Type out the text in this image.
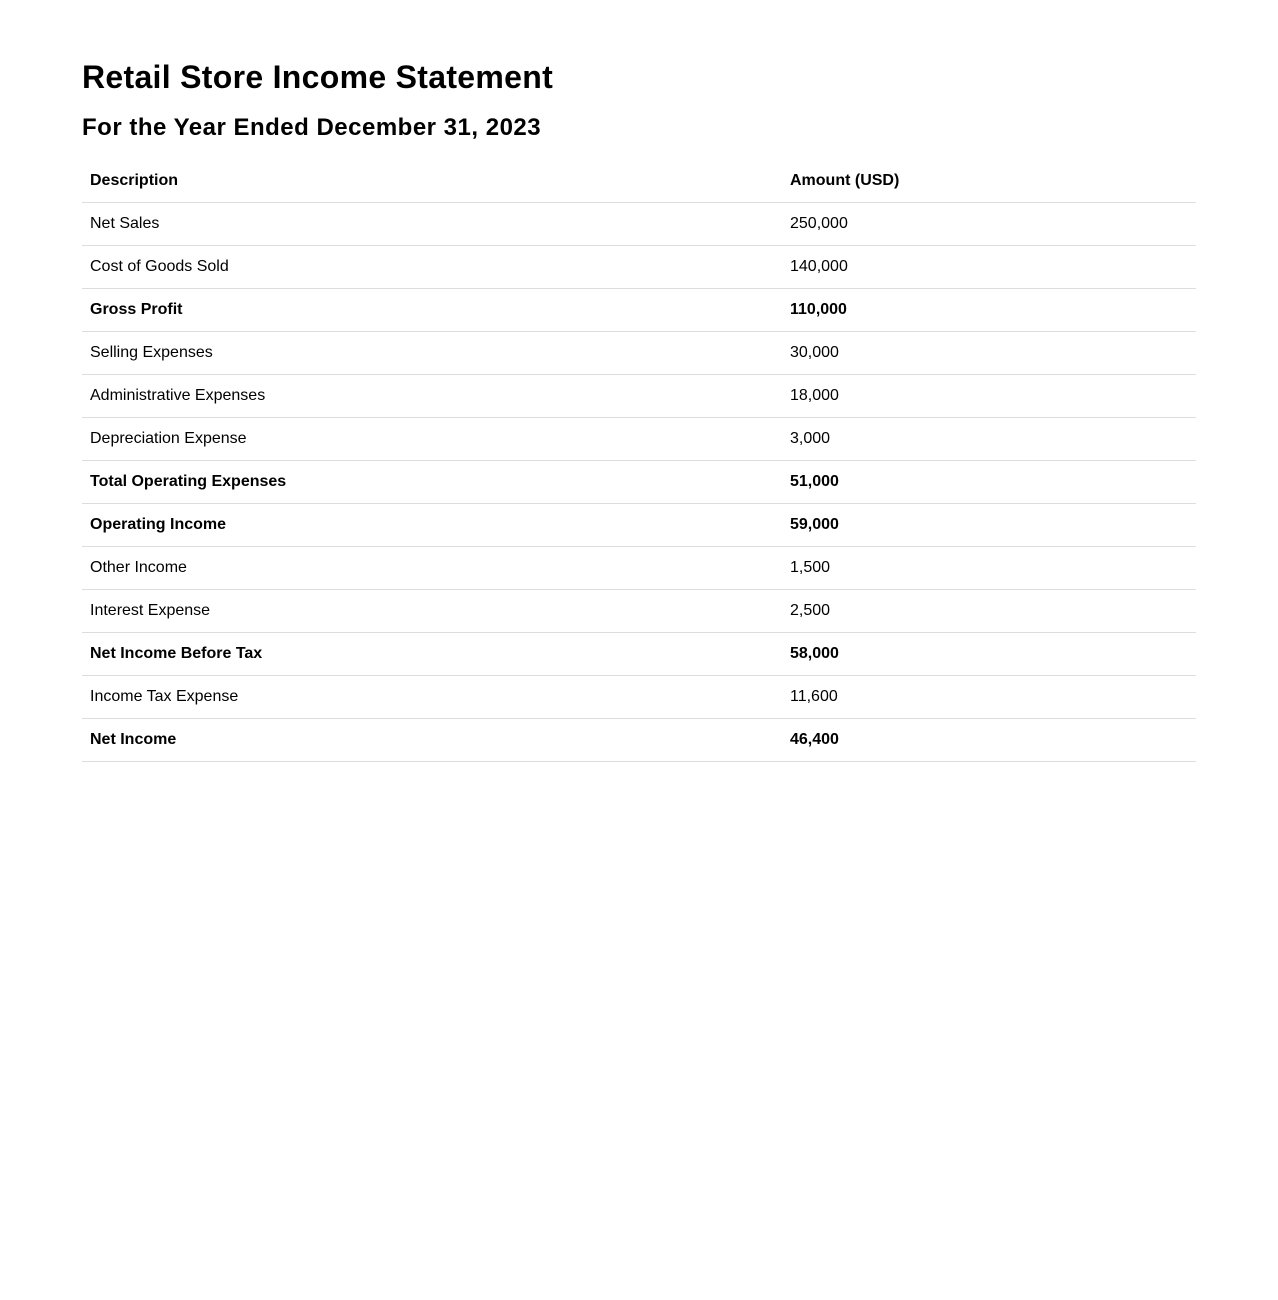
Retail Store Income Statement
For the Year Ended December 31, 2023
Description	Amount (USD)
Net Sales	250,000
Cost of Goods Sold	140,000
Gross Profit	110,000
Selling Expenses	30,000
Administrative Expenses	18,000
Depreciation Expense	3,000
Total Operating Expenses	51,000
Operating Income	59,000
Other Income	1,500
Interest Expense	2,500
Net Income Before Tax	58,000
Income Tax Expense	11,600
Net Income	46,400
